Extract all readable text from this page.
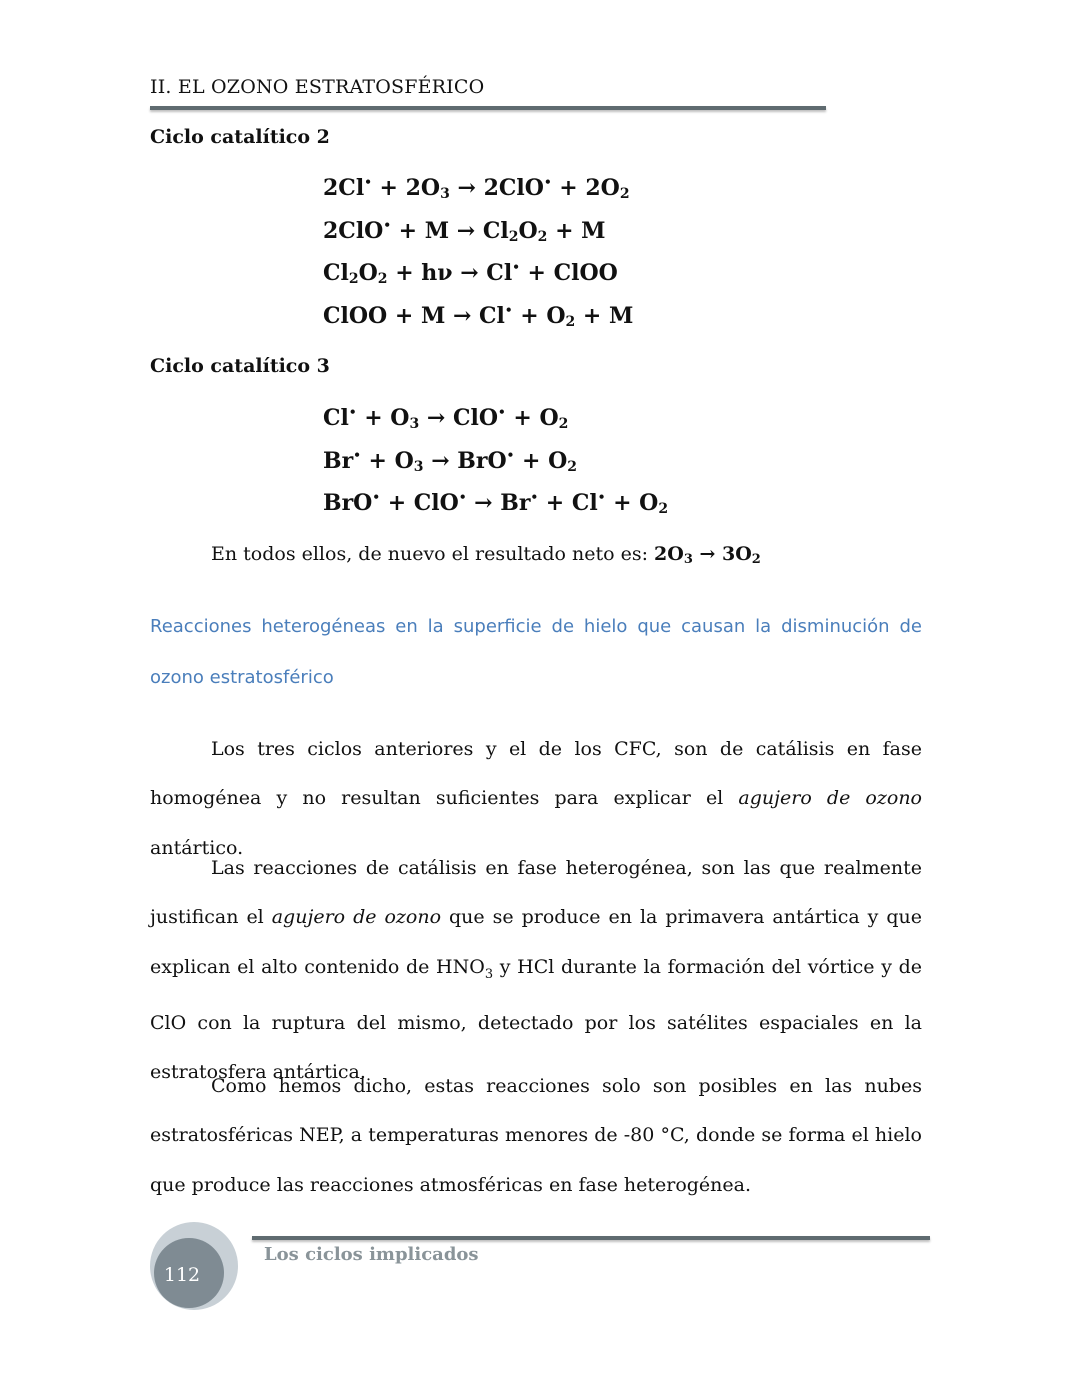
II. EL OZONO ESTRATOSFÉRICO
Ciclo catalítico 2
$2Cl^• + 2O_3 \to 2ClO^• + 2O_2$
$2ClO^• + M \to Cl_2O_2 + M$
$Cl_2O_2 + h\nu \to Cl^•$ + ClOO
ClOO + $M \to Cl^• + O_2 + M$
Ciclo catalítico 3
$Cl^• + O_3 \to ClO^• + O_2$
$Br^• + O_3 \to BrO^• + O_2$
$BrO^• + ClO^• \to Br^• + Cl^• + O_2$
En todos ellos, de nuevo el resultado neto es: $2O_3 \to 3O_2$
Reacciones heterogéneas en la superficie de hielo que causan la disminución de ozono estratosférico
Los tres ciclos anteriores y el de los CFC, son de catálisis en fase homogénea y no resultan suficientes para explicar el agujero de ozono antártico.
Las reacciones de catálisis en fase heterogénea, son las que realmente justifican el agujero de ozono que se produce en la primavera antártica y que explican el alto contenido de $HNO_3$ y HCl durante la formación del vórtice y de ClO con la ruptura del mismo, detectado por los satélites espaciales en la estratosfera antártica.
Como hemos dicho, estas reacciones solo son posibles en las nubes estratosféricas NEP, a temperaturas menores de -80 °C, donde se forma el hielo que produce las reacciones atmosféricas en fase heterogénea.
Los ciclos implicados
112
